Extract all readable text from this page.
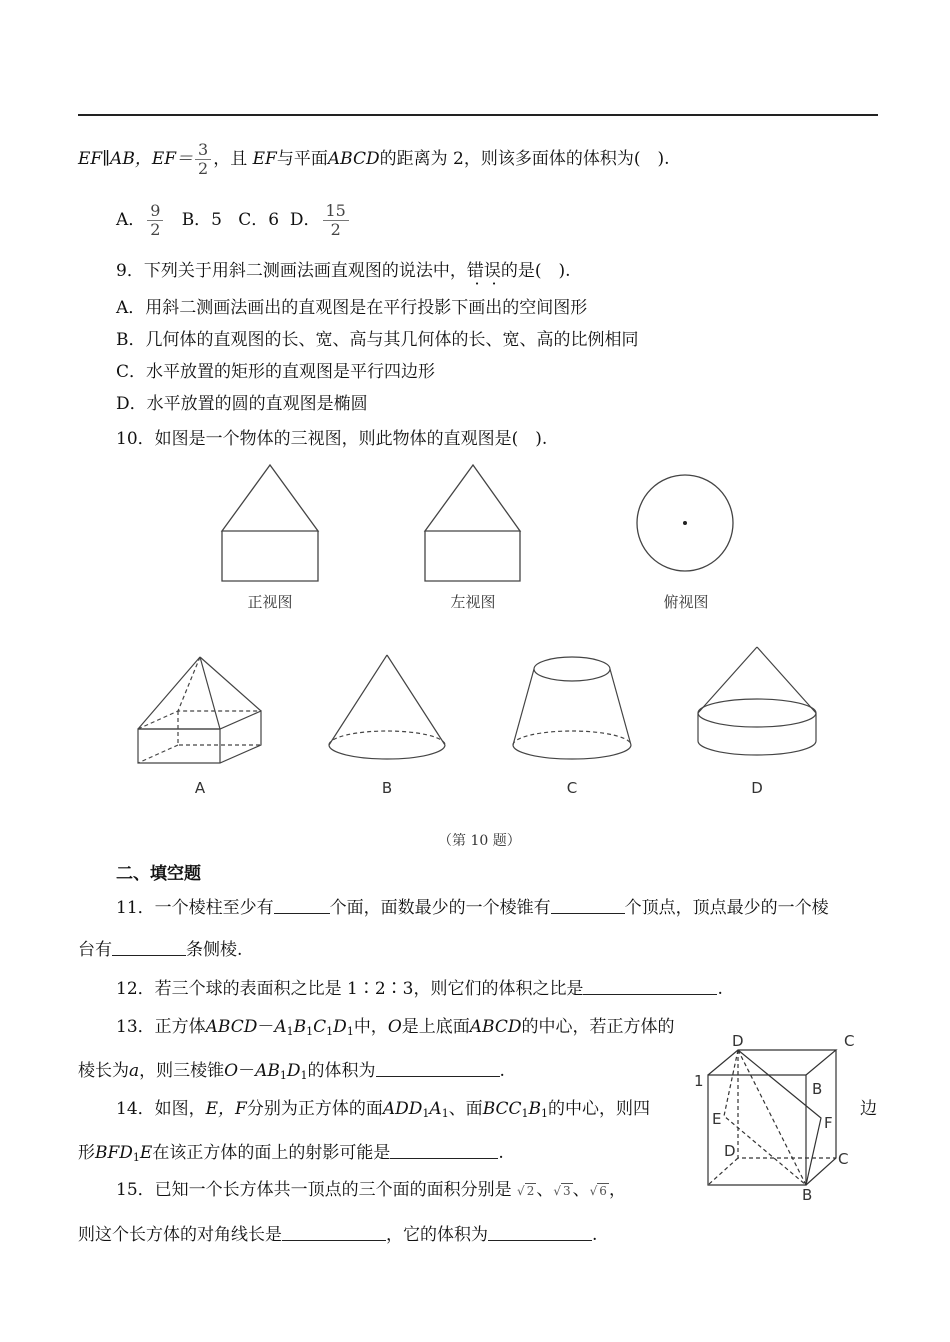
EF∥AB，$EF= \frac{3}{2}$ ，且 EF与平面ABCD的距离为 2，则该多面体的体积为(　).
A． $\frac{9}{2}$ B．5 C．6 D． $\frac{15}{2}$
9．下列关于用斜二测画法画直观图的说法中，错误的是(　).
A．用斜二测画法画出的直观图是在平行投影下画出的空间图形
B．几何体的直观图的长、宽、高与其几何体的长、宽、高的比例相同
C．水平放置的矩形的直观图是平行四边形
D．水平放置的圆的直观图是椭圆
10．如图是一个物体的三视图，则此物体的直观图是(　).
正视图	左视图	俯视图
A	B	C	D
（第 10 题）
二、填空题
11．一个棱柱至少有	个面，面数最少的一个棱锥有	个顶点，顶点最少的一个棱
台有	条侧棱.
12．若三个球的表面积之比是 1∶2∶3，则它们的体积之比是	.
13．正方体$ABCD-A_1B_1C_1D_1$中，O是上底面ABCD的中心，若正方体的
棱长为a，则三棱锥$O-AB_1D_1$的体积为	.
14．如图，E，F分别为正方体的面$ADD_1A_1$、面$BCC_1B_1$的中心，则四	边
形$BFD_1E$在该正方体的面上的射影可能是	.
15．已知一个长方体共一顶点的三个面的面积分别是 √ 2 、√ 3 、√ 6 ，
则这个长方体的对角线长是	，它的体积为	.
D	C
1	B
E	F
D	C
B
